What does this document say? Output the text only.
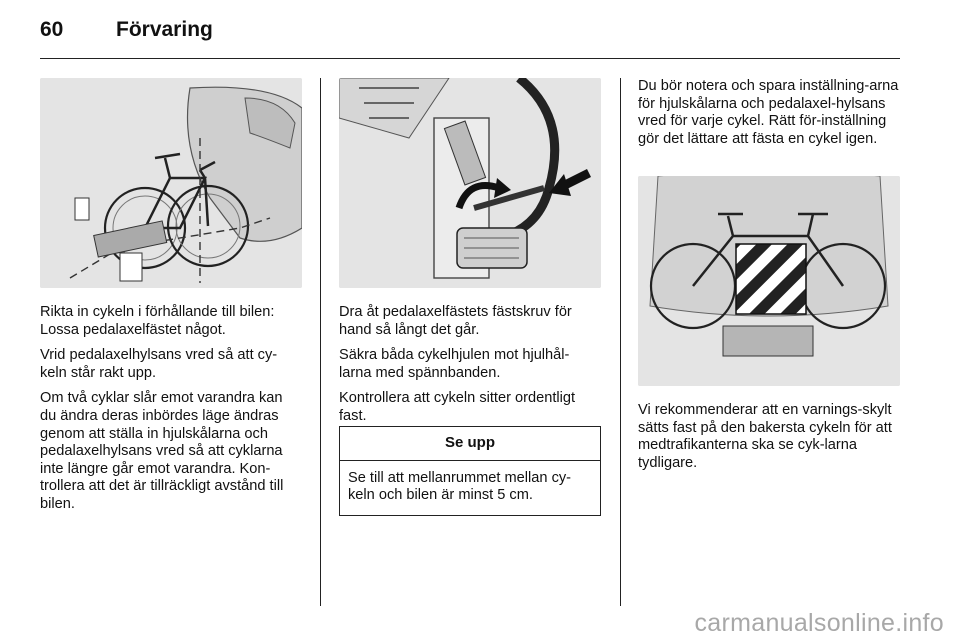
60	Förvaring

Rikta in cykeln i förhållande till bilen: Lossa pedalaxelfästet något.

Vrid pedalaxelhylsans vred så att cy-keln står rakt upp.

Om två cyklar slår emot varandra kan du ändra deras inbördes läge ändras genom att ställa in hjulskålarna och pedalaxelhylsans vred så att cyklarna inte längre går emot varandra. Kon-trollera att det är tillräckligt avstånd till bilen.

Dra åt pedalaxelfästets fästskruv för hand så långt det går.

Säkra båda cykelhjulen mot hjulhål-larna med spännbanden.

Kontrollera att cykeln sitter ordentligt fast.

Se upp
Se till att mellanrummet mellan cy-keln och bilen är minst 5 cm.

Du bör notera och spara inställning-arna för hjulskålarna och pedalaxel-hylsans vred för varje cykel. Rätt för-inställning gör det lättare att fästa en cykel igen.

Vi rekommenderar att en varnings-skylt sätts fast på den bakersta cykeln för att medtrafikanterna ska se cyk-larna tydligare.

carmanualsonline.info
